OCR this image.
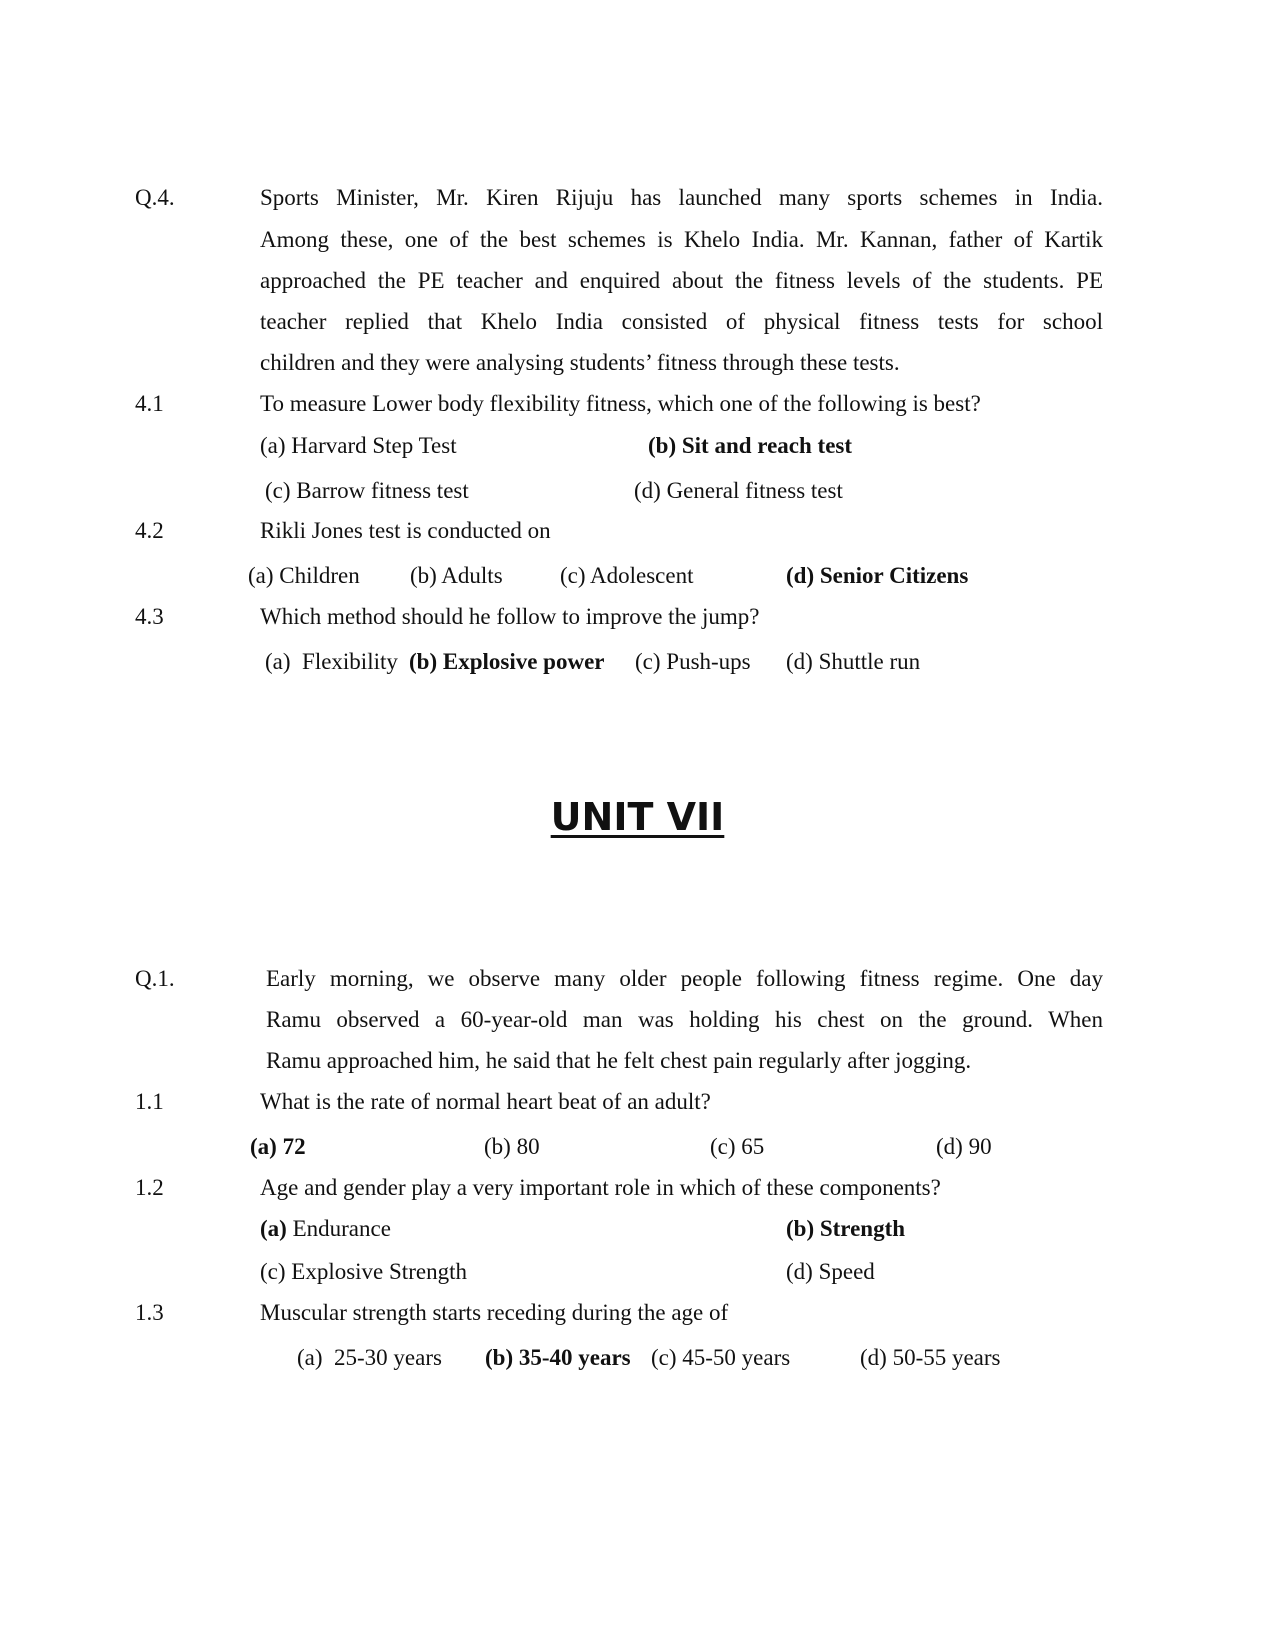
Q.4.	Sports Minister, Mr. Kiren Rijuju has launched many sports schemes in India.
Among these, one of the best schemes is Khelo India. Mr. Kannan, father of Kartik
approached the PE teacher and enquired about the fitness levels of the students. PE
teacher replied that Khelo India consisted of physical fitness tests for school
children and they were analysing students’ fitness through these tests.
4.1	To measure Lower body flexibility fitness, which one of the following is best?
(a) Harvard Step Test	(b) Sit and reach test
(c) Barrow fitness test	(d) General fitness test
4.2	Rikli Jones test is conducted on
(a) Children (b) Adults (c) Adolescent	(d) Senior Citizens
4.3	Which method should he follow to improve the jump?
(a)  Flexibility (b) Explosive power (c) Push-ups (d) Shuttle run
UNIT VII
Q.1.	Early morning, we observe many older people following fitness regime. One day
Ramu observed a 60-year-old man was holding his chest on the ground. When
Ramu approached him, he said that he felt chest pain regularly after jogging.
1.1	What is the rate of normal heart beat of an adult?
(a) 72	(b) 80	(c) 65	(d) 90
1.2	Age and gender play a very important role in which of these components?
(a) Endurance	(b) Strength
(c) Explosive Strength	(d) Speed
1.3	Muscular strength starts receding during the age of
(a)  25-30 years (b) 35-40 years (c) 45-50 years	(d) 50-55 years
